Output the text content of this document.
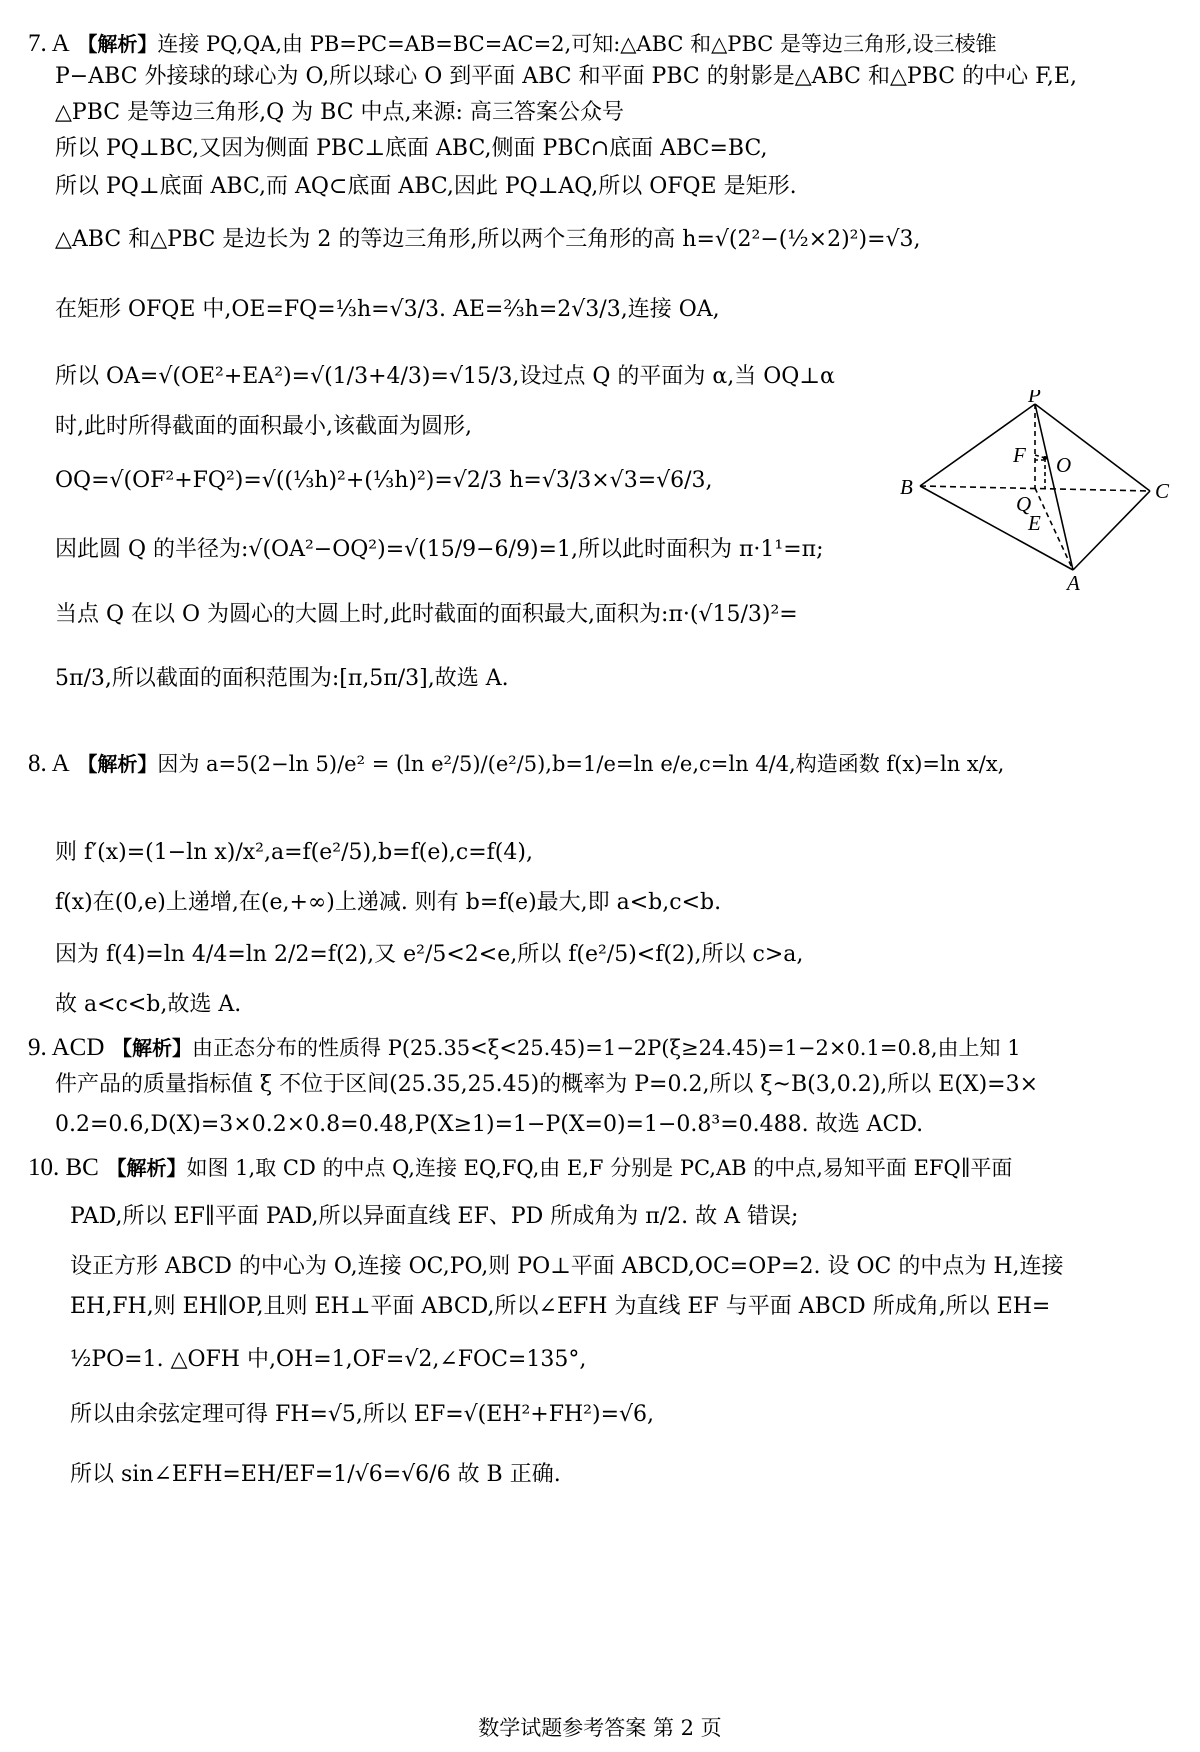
7. A 【解析】连接 PQ,QA,由 PB=PC=AB=BC=AC=2,可知:△ABC 和△PBC 是等边三角形,设三棱锥
P−ABC 外接球的球心为 O,所以球心 O 到平面 ABC 和平面 PBC 的射影是△ABC 和△PBC 的中心 F,E,
△PBC 是等边三角形,Q 为 BC 中点,来源: 高三答案公众号
所以 PQ⊥BC,又因为侧面 PBC⊥底面 ABC,侧面 PBC∩底面 ABC=BC,
所以 PQ⊥底面 ABC,而 AQ⊂底面 ABC,因此 PQ⊥AQ,所以 OFQE 是矩形.
△ABC 和△PBC 是边长为 2 的等边三角形,所以两个三角形的高 h=√(2²−(½×2)²)=√3,
在矩形 OFQE 中,OE=FQ=⅓h=√3/3. AE=⅔h=2√3/3,连接 OA,
所以 OA=√(OE²+EA²)=√(1/3+4/3)=√15/3,设过点 Q 的平面为 α,当 OQ⊥α
时,此时所得截面的面积最小,该截面为圆形,
OQ=√(OF²+FQ²)=√((⅓h)²+(⅓h)²)=√2/3 h=√3/3×√3=√6/3,
因此圆 Q 的半径为:√(OA²−OQ²)=√(15/9−6/9)=1,所以此时面积为 π·1¹=π;
当点 Q 在以 O 为圆心的大圆上时,此时截面的面积最大,面积为:π·(√15/3)²=
5π/3,所以截面的面积范围为:[π,5π/3],故选 A.
P
F O
B
Q
C
E
A
8. A 【解析】因为 a=5(2−ln 5)/e² = (ln e²/5)/(e²/5),b=1/e=ln e/e,c=ln 4/4,构造函数 f(x)=ln x/x,
则 f′(x)=(1−ln x)/x²,a=f(e²/5),b=f(e),c=f(4),
f(x)在(0,e)上递增,在(e,+∞)上递减. 则有 b=f(e)最大,即 a<b,c<b.
因为 f(4)=ln 4/4=ln 2/2=f(2),又 e²/5<2<e,所以 f(e²/5)<f(2),所以 c>a,
故 a<c<b,故选 A.
9. ACD 【解析】由正态分布的性质得 P(25.35<ξ<25.45)=1−2P(ξ≥24.45)=1−2×0.1=0.8,由上知 1
件产品的质量指标值 ξ 不位于区间(25.35,25.45)的概率为 P=0.2,所以 ξ~B(3,0.2),所以 E(X)=3×
0.2=0.6,D(X)=3×0.2×0.8=0.48,P(X≥1)=1−P(X=0)=1−0.8³=0.488. 故选 ACD.
10. BC 【解析】如图 1,取 CD 的中点 Q,连接 EQ,FQ,由 E,F 分别是 PC,AB 的中点,易知平面 EFQ∥平面
PAD,所以 EF∥平面 PAD,所以异面直线 EF、PD 所成角为 π/2. 故 A 错误;
设正方形 ABCD 的中心为 O,连接 OC,PO,则 PO⊥平面 ABCD,OC=OP=2. 设 OC 的中点为 H,连接
EH,FH,则 EH∥OP,且则 EH⊥平面 ABCD,所以∠EFH 为直线 EF 与平面 ABCD 所成角,所以 EH=
½PO=1. △OFH 中,OH=1,OF=√2,∠FOC=135°,
所以由余弦定理可得 FH=√5,所以 EF=√(EH²+FH²)=√6,
所以 sin∠EFH=EH/EF=1/√6=√6/6 故 B 正确.
数学试题参考答案 第 2 页
